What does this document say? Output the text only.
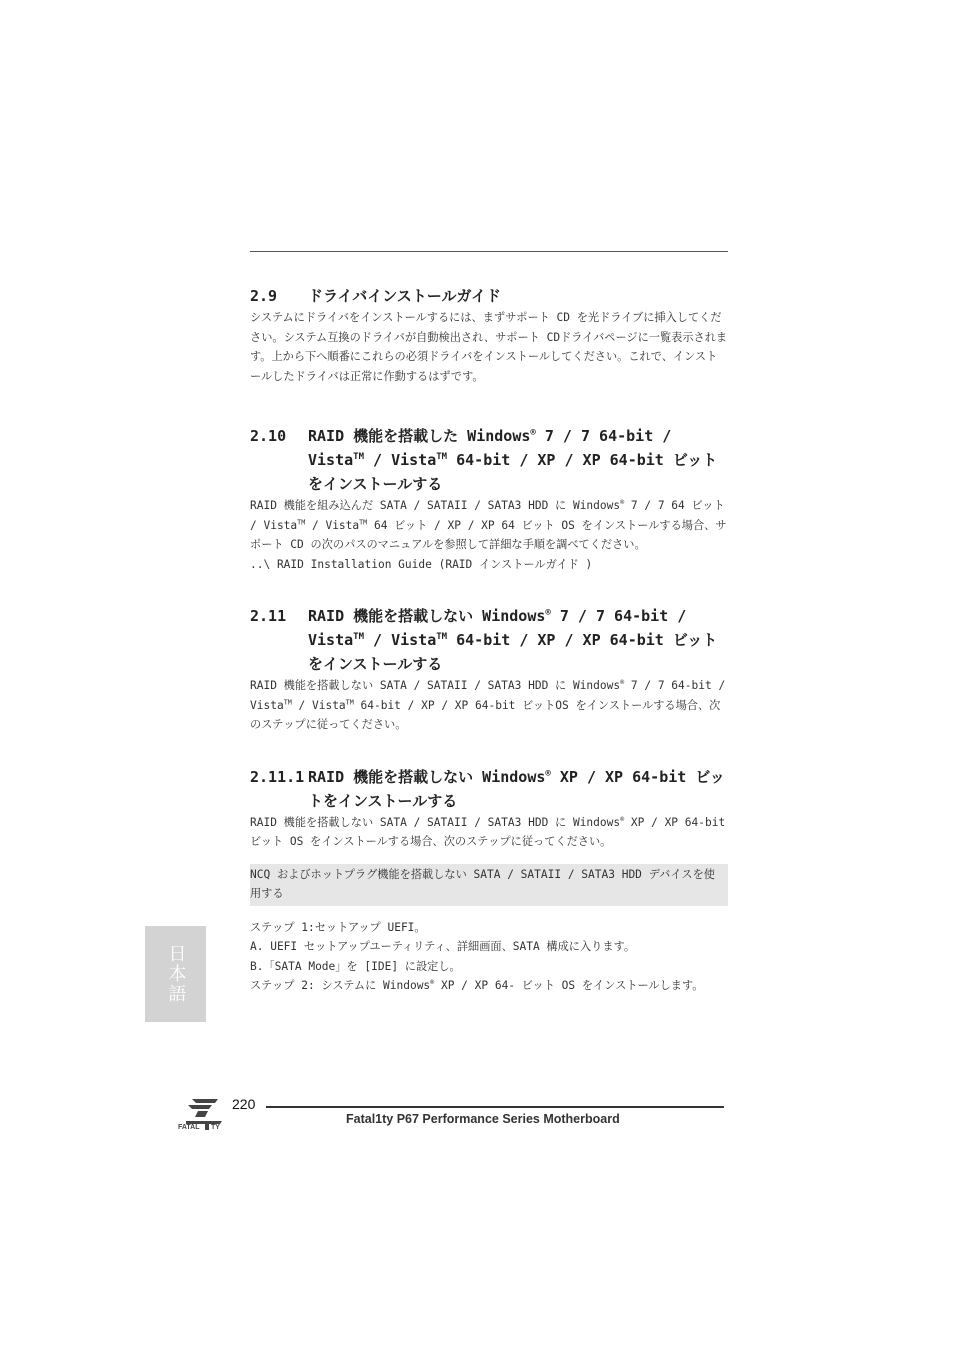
2.9	ドライバインストールガイド

システムにドライバをインストールするには、まずサポート CD を光ドライブに挿入してください。システム互換のドライバが自動検出され、サポート CDドライバページに一覧表示されます。上から下へ順番にこれらの必須ドライバをインストールしてください。これで、インストールしたドライバは正常に作動するはずです。

2.10	RAID 機能を搭載した Windows® 7 / 7 64-bit / Vista™ / Vista™ 64-bit / XP / XP 64-bit ビットをインストールする

RAID 機能を組み込んだ SATA / SATAII / SATA3 HDD に Windows® 7 / 7 64 ビット / Vista™ / Vista™ 64 ビット / XP / XP 64 ビット OS をインストールする場合、サポート CD の次のパスのマニュアルを参照して詳細な手順を調べてください。

..\ RAID Installation Guide (RAID インストールガイド )

2.11	RAID 機能を搭載しない Windows® 7 / 7 64-bit / Vista™ / Vista™ 64-bit / XP / XP 64-bit ビットをインストールする

RAID 機能を搭載しない SATA / SATAII / SATA3 HDD に Windows® 7 / 7 64-bit / Vista™ / Vista™ 64-bit / XP / XP 64-bit ビットOS をインストールする場合、次のステップに従ってください。

2.11.1 RAID 機能を搭載しない Windows® XP / XP 64-bit ビットをインストールする

RAID 機能を搭載しない SATA / SATAII / SATA3 HDD に Windows® XP / XP 64-bit ビット OS をインストールする場合、次のステップに従ってください。

NCQ およびホットプラグ機能を搭載しない SATA / SATAII / SATA3 HDD デバイスを使用する

ステップ 1:セットアップ UEFI。

A. UEFI セットアップユーティリティ、詳細画面、SATA 構成に入ります。

B.「SATA Mode」を [IDE] に設定し。

ステップ 2: システムに Windows® XP / XP 64- ビット OS をインストールします。

日本語
FATAL TY
220
Fatal1ty P67 Performance Series Motherboard
